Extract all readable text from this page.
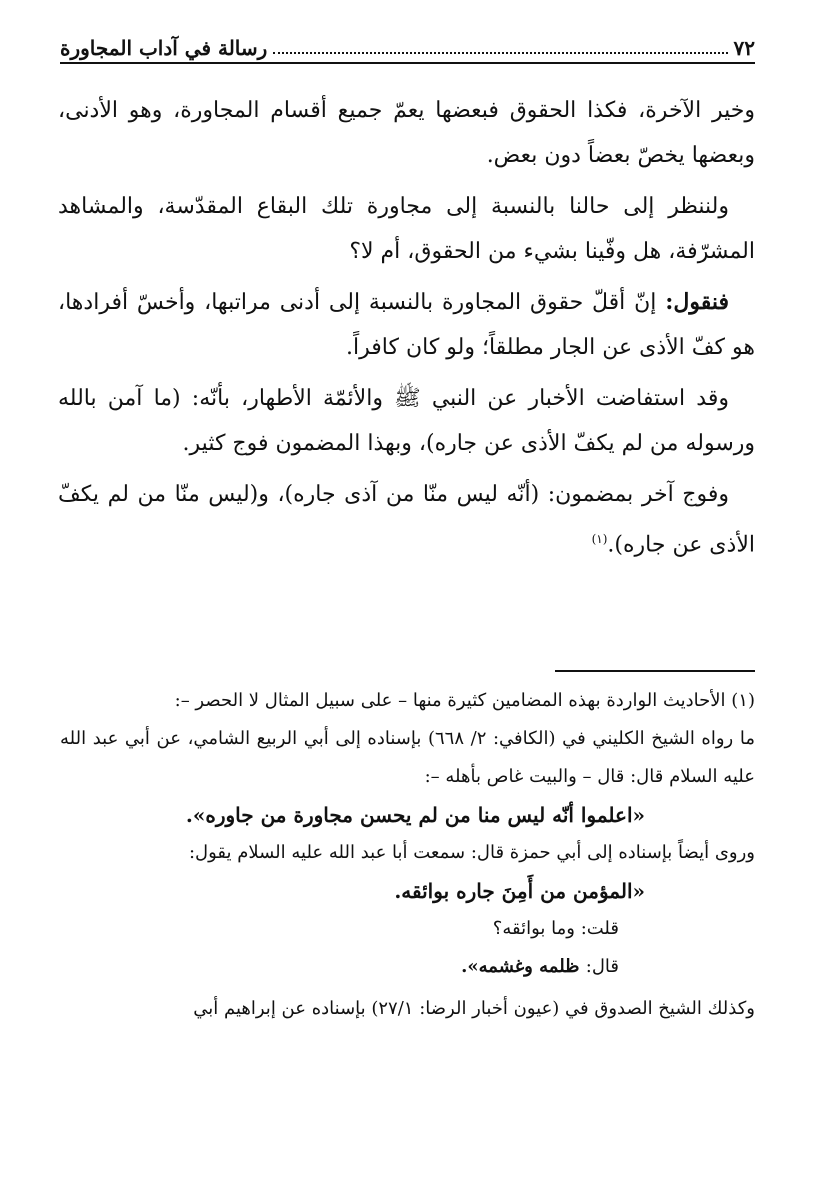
٧٢
رسالة في آداب المجاورة

وخير الآخرة، فكذا الحقوق فبعضها يعمّ جميع أقسام المجاورة، وهو الأدنى، وبعضها يخصّ بعضاً دون بعض.

ولننظر إلى حالنا بالنسبة إلى مجاورة تلك البقاع المقدّسة، والمشاهد المشرّفة، هل وفّينا بشيء من الحقوق، أم لا؟

فنقول: إنّ أقلّ حقوق المجاورة بالنسبة إلى أدنى مراتبها، وأخسّ أفرادها، هو كفّ الأذى عن الجار مطلقاً؛ ولو كان كافراً.

وقد استفاضت الأخبار عن النبي ﷺ والأئمّة الأطهار، بأنّه: (ما آمن بالله ورسوله من لم يكفّ الأذى عن جاره)، وبهذا المضمون فوج كثير.

وفوج آخر بمضمون: (أنّه ليس منّا من آذى جاره)، و(ليس منّا من لم يكفّ الأذى عن جاره).$^{(١)}$

(١) الأحاديث الواردة بهذه المضامين كثيرة منها – على سبيل المثال لا الحصر –:

ما رواه الشيخ الكليني في (الكافي: ٢/ ٦٦٨) بإسناده إلى أبي الربيع الشامي، عن أبي عبد الله عليه السلام قال: قال – والبيت غاص بأهله –:

«اعلموا أنّه ليس منا من لم يحسن مجاورة من جاوره».

وروى أيضاً بإسناده إلى أبي حمزة قال: سمعت أبا عبد الله عليه السلام يقول:

«المؤمن من أَمِنَ جاره بوائقه.

قلت: وما بوائقه؟

قال: ظلمه وغشمه».

وكذلك الشيخ الصدوق في (عيون أخبار الرضا: ٢٧/١) بإسناده عن إبراهيم أبي
